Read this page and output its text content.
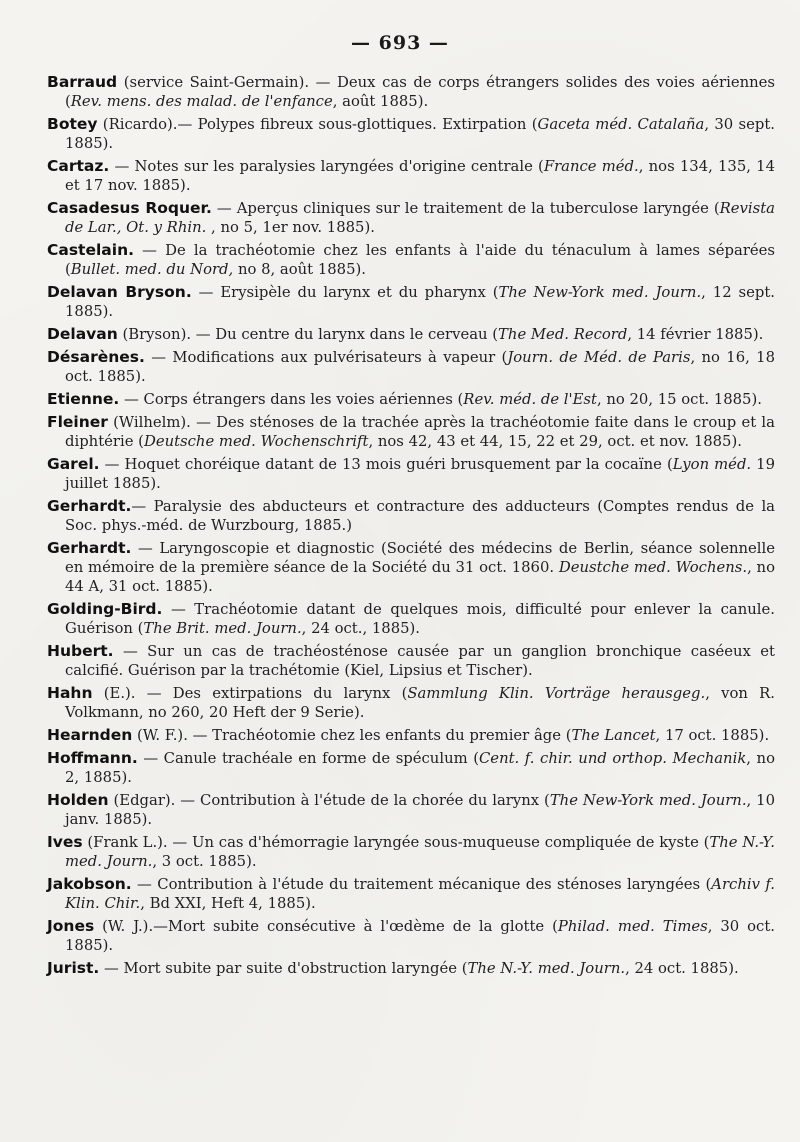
— 693 —

Barraud (service Saint-Germain). — Deux cas de corps étrangers solides des voies aériennes (Rev. mens. des malad. de l'enfance, août 1885).

Botey (Ricardo).— Polypes fibreux sous-glottiques. Extirpation (Gaceta méd. Catalaña, 30 sept. 1885).

Cartaz. — Notes sur les paralysies laryngées d'origine centrale (France méd., nos 134, 135, 14 et 17 nov. 1885).

Casadesus Roquer. — Aperçus cliniques sur le traitement de la tuberculose laryngée (Revista de Lar., Ot. y Rhin. , no 5, 1er nov. 1885).

Castelain. — De la trachéotomie chez les enfants à l'aide du ténaculum à lames séparées (Bullet. med. du Nord, no 8, août 1885).

Delavan Bryson. — Erysipèle du larynx et du pharynx (The New-York med. Journ., 12 sept. 1885).

Delavan (Bryson). — Du centre du larynx dans le cerveau (The Med. Record, 14 février 1885).

Désarènes. — Modifications aux pulvérisateurs à vapeur (Journ. de Méd. de Paris, no 16, 18 oct. 1885).

Etienne. — Corps étrangers dans les voies aériennes (Rev. méd. de l'Est, no 20, 15 oct. 1885).

Fleiner (Wilhelm). — Des sténoses de la trachée après la trachéotomie faite dans le croup et la diphtérie (Deutsche med. Wochenschrift, nos 42, 43 et 44, 15, 22 et 29, oct. et nov. 1885).

Garel. — Hoquet choréique datant de 13 mois guéri brusquement par la cocaïne (Lyon méd. 19 juillet 1885).

Gerhardt.— Paralysie des abducteurs et contracture des adducteurs (Comptes rendus de la Soc. phys.-méd. de Wurzbourg, 1885.)

Gerhardt. — Laryngoscopie et diagnostic (Société des médecins de Berlin, séance solennelle en mémoire de la première séance de la Société du 31 oct. 1860. Deustche med. Wochens., no 44 A, 31 oct. 1885).

Golding-Bird. — Trachéotomie datant de quelques mois, difficulté pour enlever la canule. Guérison (The Brit. med. Journ., 24 oct., 1885).

Hubert. — Sur un cas de trachéosténose causée par un ganglion bronchique caséeux et calcifié. Guérison par la trachétomie (Kiel, Lipsius et Tischer).

Hahn (E.). — Des extirpations du larynx (Sammlung Klin. Vorträge herausgeg., von R. Volkmann, no 260, 20 Heft der 9 Serie).

Hearnden (W. F.). — Trachéotomie chez les enfants du premier âge (The Lancet, 17 oct. 1885).

Hoffmann. — Canule trachéale en forme de spéculum (Cent. f. chir. und orthop. Mechanik, no 2, 1885).

Holden (Edgar). — Contribution à l'étude de la chorée du larynx (The New-York med. Journ., 10 janv. 1885).

Ives (Frank L.). — Un cas d'hémorragie laryngée sous-muqueuse compliquée de kyste (The N.-Y. med. Journ., 3 oct. 1885).

Jakobson. — Contribution à l'étude du traitement mécanique des sténoses laryngées (Archiv f. Klin. Chir., Bd XXI, Heft 4, 1885).

Jones (W. J.).—Mort subite consécutive à l'œdème de la glotte (Philad. med. Times, 30 oct. 1885).

Jurist. — Mort subite par suite d'obstruction laryngée (The N.-Y. med. Journ., 24 oct. 1885).
